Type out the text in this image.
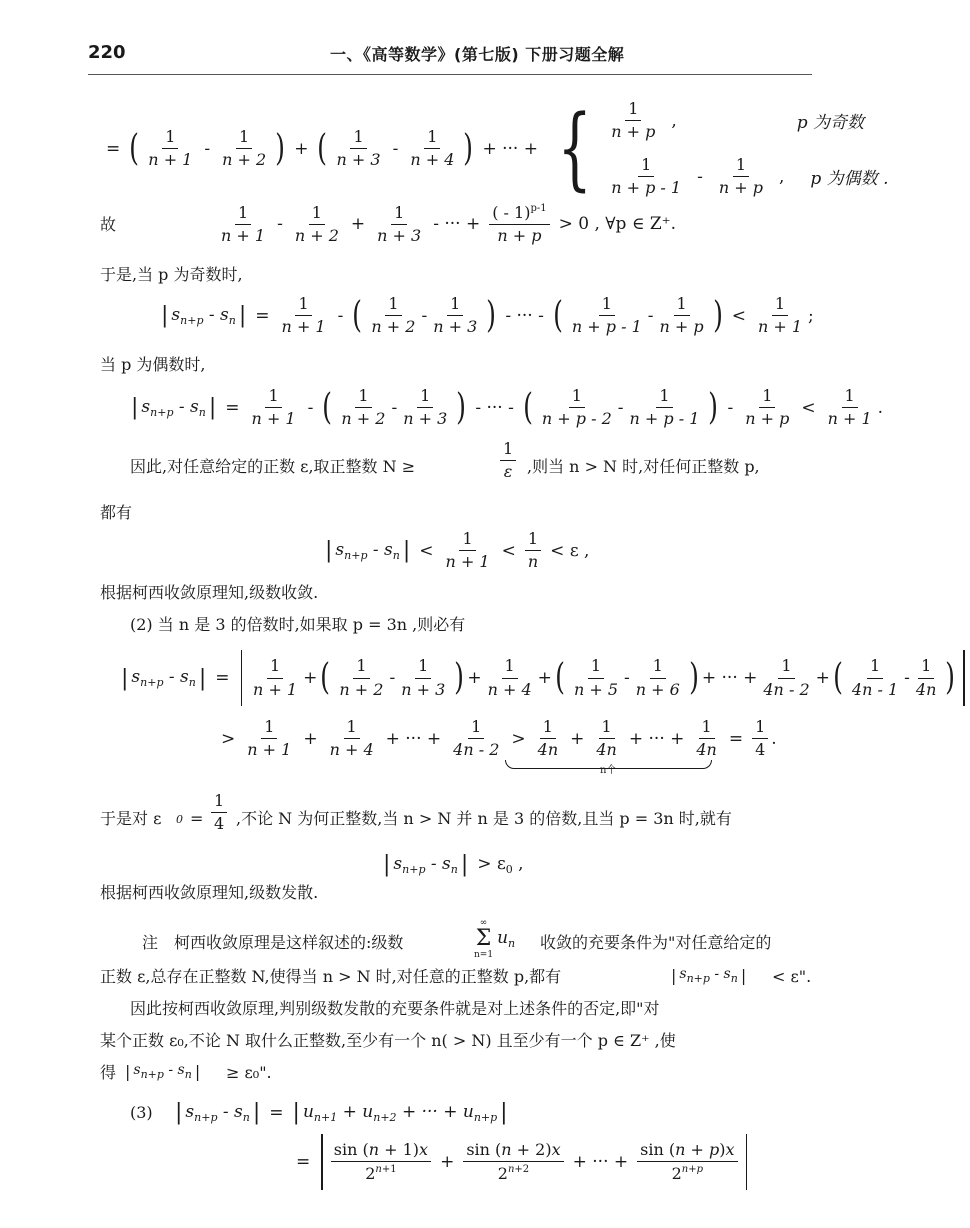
220	一、《高等数学》(第七版) 下册习题全解
= ( $\frac{1}{n + 1} - \frac{1}{n + 2}$ ) + ( $\frac{1}{n + 3} - \frac{1}{n + 4}$ ) + ··· + { $\frac{1}{n + p}$ ,	p 为奇数
$\frac{1}{n + p - 1} - \frac{1}{n + p}$ , p 为偶数 .
故	$\frac{1}{n + 1} - \frac{1}{n + 2} + \frac{1}{n + 3}$ - ··· + $\frac{( - 1)^{p-1}}{n + p} > 0$ , ∀p ∈ Z⁺.
于是,当 p 为奇数时,
| $s_{n+p} - s_n$ | = $\frac{1}{n + 1}$ - ( $\frac{1}{n + 2} - \frac{1}{n + 3}$ ) - ··· - ( $\frac{1}{n + p - 1} - \frac{1}{n + p}$ ) < $\frac{1}{n + 1}$ ;
当 p 为偶数时,
| $s_{n+p} - s_n$ | = $\frac{1}{n + 1}$ - ( $\frac{1}{n + 2} - \frac{1}{n + 3}$ ) - ··· - ( $\frac{1}{n + p - 2} - \frac{1}{n + p - 1}$ ) - $\frac{1}{n + p} < \frac{1}{n + 1}$ .
因此,对任意给定的正数 ε,取正整数 N ≥	$\frac{1}{\varepsilon}$ ,则当 n > N 时,对任何正整数 p,
都有
| $s_{n+p} - s_n$ | < $\frac{1}{n + 1} < \frac{1}{n} < \varepsilon$ ,
根据柯西收敛原理知,级数收敛.
(2) 当 n 是 3 的倍数时,如果取 p = 3n ,则必有
| $s_{n+p} - s_n$ | = $\frac{1}{n + 1}$ + ( $\frac{1}{n + 2} - \frac{1}{n + 3}$ ) + $\frac{1}{n + 4}$ + ( $\frac{1}{n + 5} - \frac{1}{n + 6}$ ) + ··· + $\frac{1}{4n - 2}$ + ( $\frac{1}{4n - 1} - \frac{1}{4n}$ )
> $\frac{1}{n + 1} + \frac{1}{n + 4}$ + ··· + $\frac{1}{4n - 2} > \frac{1}{4n} + \frac{1}{4n}$ + ··· + $\frac{1}{4n} = \frac{1}{4}$ .
n个
于是对 ε $0 = \frac{1}{4}$ ,不论 N 为何正整数,当 n > N 并 n 是 3 的倍数,且当 p = 3n 时,就有
| $s_{n+p} - s_n$ | > $\varepsilon_0$ ,
根据柯西收敛原理知,级数发散.
注　柯西收敛原理是这样叙述的:级数
∞
Σ
n=1
$u_n$ 收敛的充要条件为"对任意给定的
正数 ε,总存在正整数 N,使得当 n > N 时,对任意的正整数 p,都有	| $s_{n+p} - s_n$ | < ε".
因此按柯西收敛原理,判别级数发散的充要条件就是对上述条件的否定,即"对
某个正数 ε₀,不论 N 取什么正整数,至少有一个 n( > N) 且至少有一个 p ∈ Z⁺ ,使
得 | $s_{n+p} - s_n$ | ≥ ε₀".
(3) | $s_{n+p} - s_n$ | = | $u_{n+1} + u_{n+2}$ + ··· + $u_{n+p}$ |
= $\frac{\sin (n + 1)x}{2^{n+1}} + \frac{\sin (n + 2)x}{2^{n+2}}$ + ··· + $\frac{\sin (n + p)x}{2^{n+p}}$
